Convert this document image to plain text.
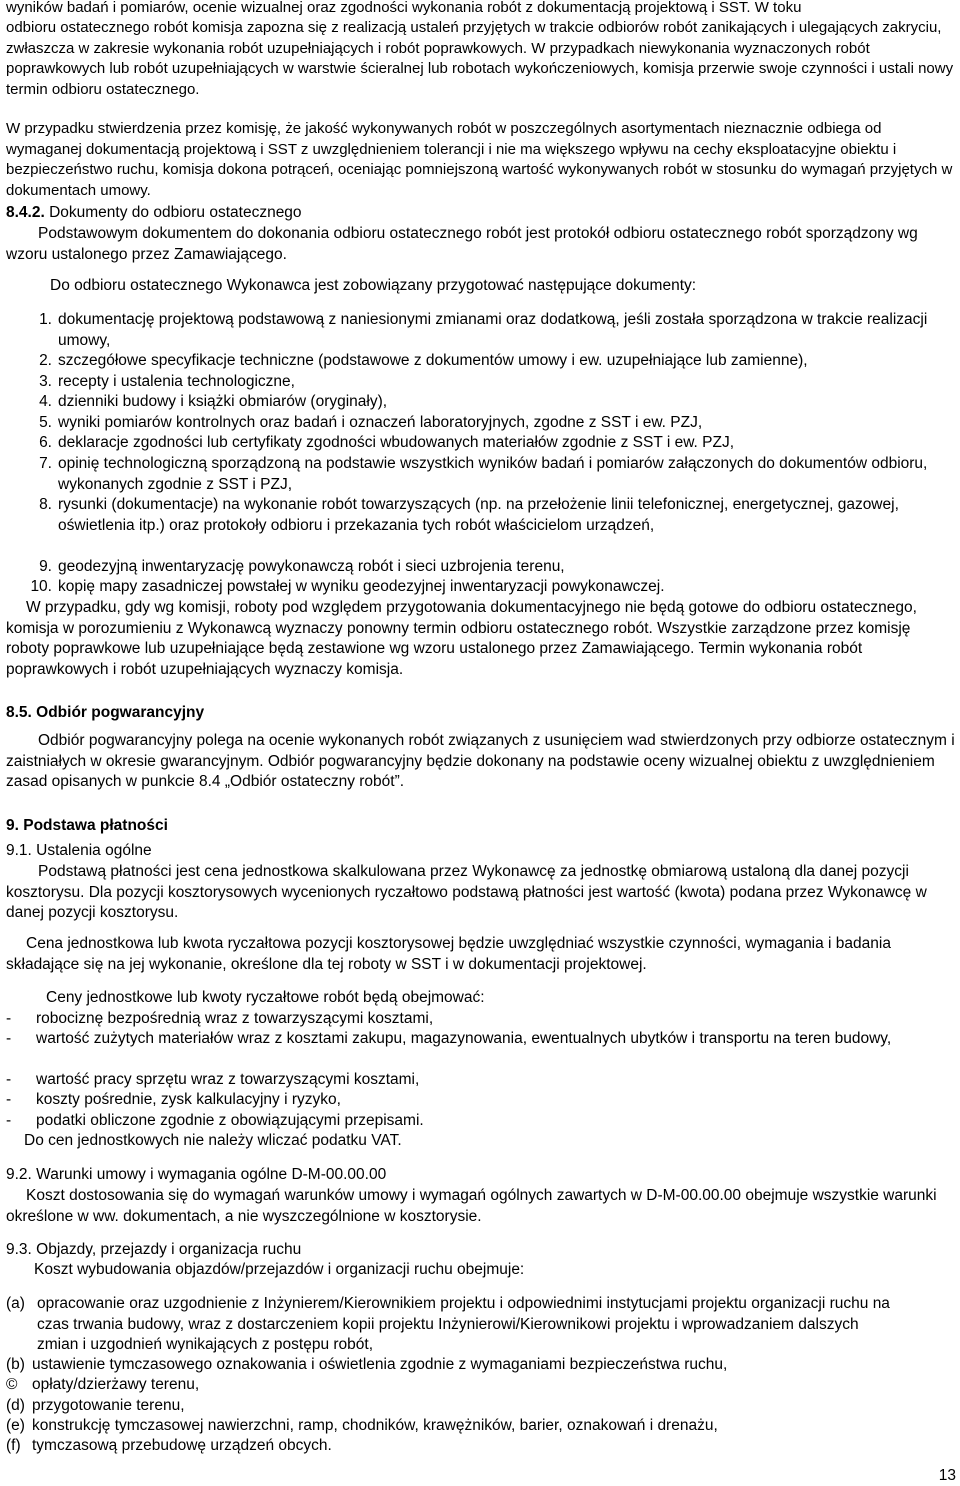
wyników badań i pomiarów, ocenie wizualnej oraz zgodności wykonania robót z dokumentacją projektową i SST. W toku

odbioru ostatecznego robót komisja zapozna się z realizacją ustaleń przyjętych w trakcie odbiorów robót zanikających i ulegających zakryciu, zwłaszcza w zakresie wykonania robót uzupełniających i robót poprawkowych. W przypadkach niewykonania wyznaczonych robót poprawkowych lub robót uzupełniających w warstwie ścieralnej lub robotach wykończeniowych, komisja przerwie swoje czynności i ustali nowy termin odbioru ostatecznego.

W przypadku stwierdzenia przez komisję, że jakość wykonywanych robót w poszczególnych asortymentach nieznacznie odbiega od wymaganej dokumentacją projektową i SST z uwzględnieniem tolerancji i nie ma większego wpływu na cechy eksploatacyjne obiektu i bezpieczeństwo ruchu, komisja dokona potrąceń, oceniając pomniejszoną wartość wykonywanych robót w stosunku do wymagań przyjętych w dokumentach umowy.

8.4.2. Dokumenty do odbioru ostatecznego

Podstawowym dokumentem do dokonania odbioru ostatecznego robót jest protokół odbioru ostatecznego robót sporządzony wg wzoru ustalonego przez Zamawiającego.

Do odbioru ostatecznego Wykonawca jest zobowiązany przygotować następujące dokumenty:

1. dokumentację projektową podstawową z naniesionymi zmianami oraz dodatkową, jeśli została sporządzona w trakcie realizacji umowy,
2. szczegółowe specyfikacje techniczne (podstawowe z dokumentów umowy i ew. uzupełniające lub zamienne),
3. recepty i ustalenia technologiczne,
4. dzienniki budowy i książki obmiarów (oryginały),
5. wyniki pomiarów kontrolnych oraz badań i oznaczeń laboratoryjnych, zgodne z SST i ew. PZJ,
6. deklaracje zgodności lub certyfikaty zgodności wbudowanych materiałów zgodnie z SST i ew. PZJ,
7. opinię technologiczną sporządzoną na podstawie wszystkich wyników badań i pomiarów załączonych do dokumentów odbioru, wykonanych zgodnie z SST i PZJ,
8. rysunki (dokumentacje) na wykonanie robót towarzyszących (np. na przełożenie linii telefonicznej, energetycznej, gazowej, oświetlenia itp.) oraz protokoły odbioru i przekazania tych robót właścicielom urządzeń,
9. geodezyjną inwentaryzację powykonawczą robót i sieci uzbrojenia terenu,
10. kopię mapy zasadniczej powstałej w wyniku geodezyjnej inwentaryzacji powykonawczej.

W przypadku, gdy wg komisji, roboty pod względem przygotowania dokumentacyjnego nie będą gotowe do odbioru ostatecznego, komisja w porozumieniu z Wykonawcą wyznaczy ponowny termin odbioru ostatecznego robót. Wszystkie zarządzone przez komisję roboty poprawkowe lub uzupełniające będą zestawione wg wzoru ustalonego przez Zamawiającego. Termin wykonania robót poprawkowych i robót uzupełniających wyznaczy komisja.

8.5. Odbiór pogwarancyjny

Odbiór pogwarancyjny polega na ocenie wykonanych robót związanych z usunięciem wad stwierdzonych przy odbiorze ostatecznym i zaistniałych w okresie gwarancyjnym. Odbiór pogwarancyjny będzie dokonany na podstawie oceny wizualnej obiektu z uwzględnieniem zasad opisanych w punkcie 8.4 „Odbiór ostateczny robót”.

9. Podstawa płatności

9.1. Ustalenia ogólne

Podstawą płatności jest cena jednostkowa skalkulowana przez Wykonawcę za jednostkę obmiarową ustaloną dla danej pozycji kosztorysu. Dla pozycji kosztorysowych wycenionych ryczałtowo podstawą płatności jest wartość (kwota) podana przez Wykonawcę w danej pozycji kosztorysu.

Cena jednostkowa lub kwota ryczałtowa pozycji kosztorysowej będzie uwzględniać wszystkie czynności, wymagania i badania składające się na jej wykonanie, określone dla tej roboty w SST i w dokumentacji projektowej.

Ceny jednostkowe lub kwoty ryczałtowe robót będą obejmować:

- robociznę bezpośrednią wraz z towarzyszącymi kosztami,
- wartość zużytych materiałów wraz z kosztami zakupu, magazynowania, ewentualnych ubytków i transportu na teren budowy,
- wartość pracy sprzętu wraz z towarzyszącymi kosztami,
- koszty pośrednie, zysk kalkulacyjny i ryzyko,
- podatki obliczone zgodnie z obowiązującymi przepisami.

Do cen jednostkowych nie należy wliczać podatku VAT.

9.2. Warunki umowy i wymagania ogólne D-M-00.00.00

Koszt dostosowania się do wymagań warunków umowy i wymagań ogólnych zawartych w D-M-00.00.00 obejmuje wszystkie warunki określone w ww. dokumentach, a nie wyszczególnione w kosztorysie.

9.3. Objazdy, przejazdy i organizacja ruchu

Koszt wybudowania objazdów/przejazdów i organizacji ruchu obejmuje:

(a) opracowanie oraz uzgodnienie z Inżynierem/Kierownikiem projektu i odpowiednimi instytucjami projektu organizacji ruchu na czas trwania budowy, wraz z dostarczeniem kopii projektu Inżynierowi/Kierownikowi projektu i wprowadzaniem dalszych zmian i uzgodnień wynikających z postępu robót,
(b) ustawienie tymczasowego oznakowania i oświetlenia zgodnie z wymaganiami bezpieczeństwa ruchu,
© opłaty/dzierżawy terenu,
(d) przygotowanie terenu,
(e) konstrukcję tymczasowej nawierzchni, ramp, chodników, krawężników, barier, oznakowań i drenażu,
(f) tymczasową przebudowę urządzeń obcych.
13
